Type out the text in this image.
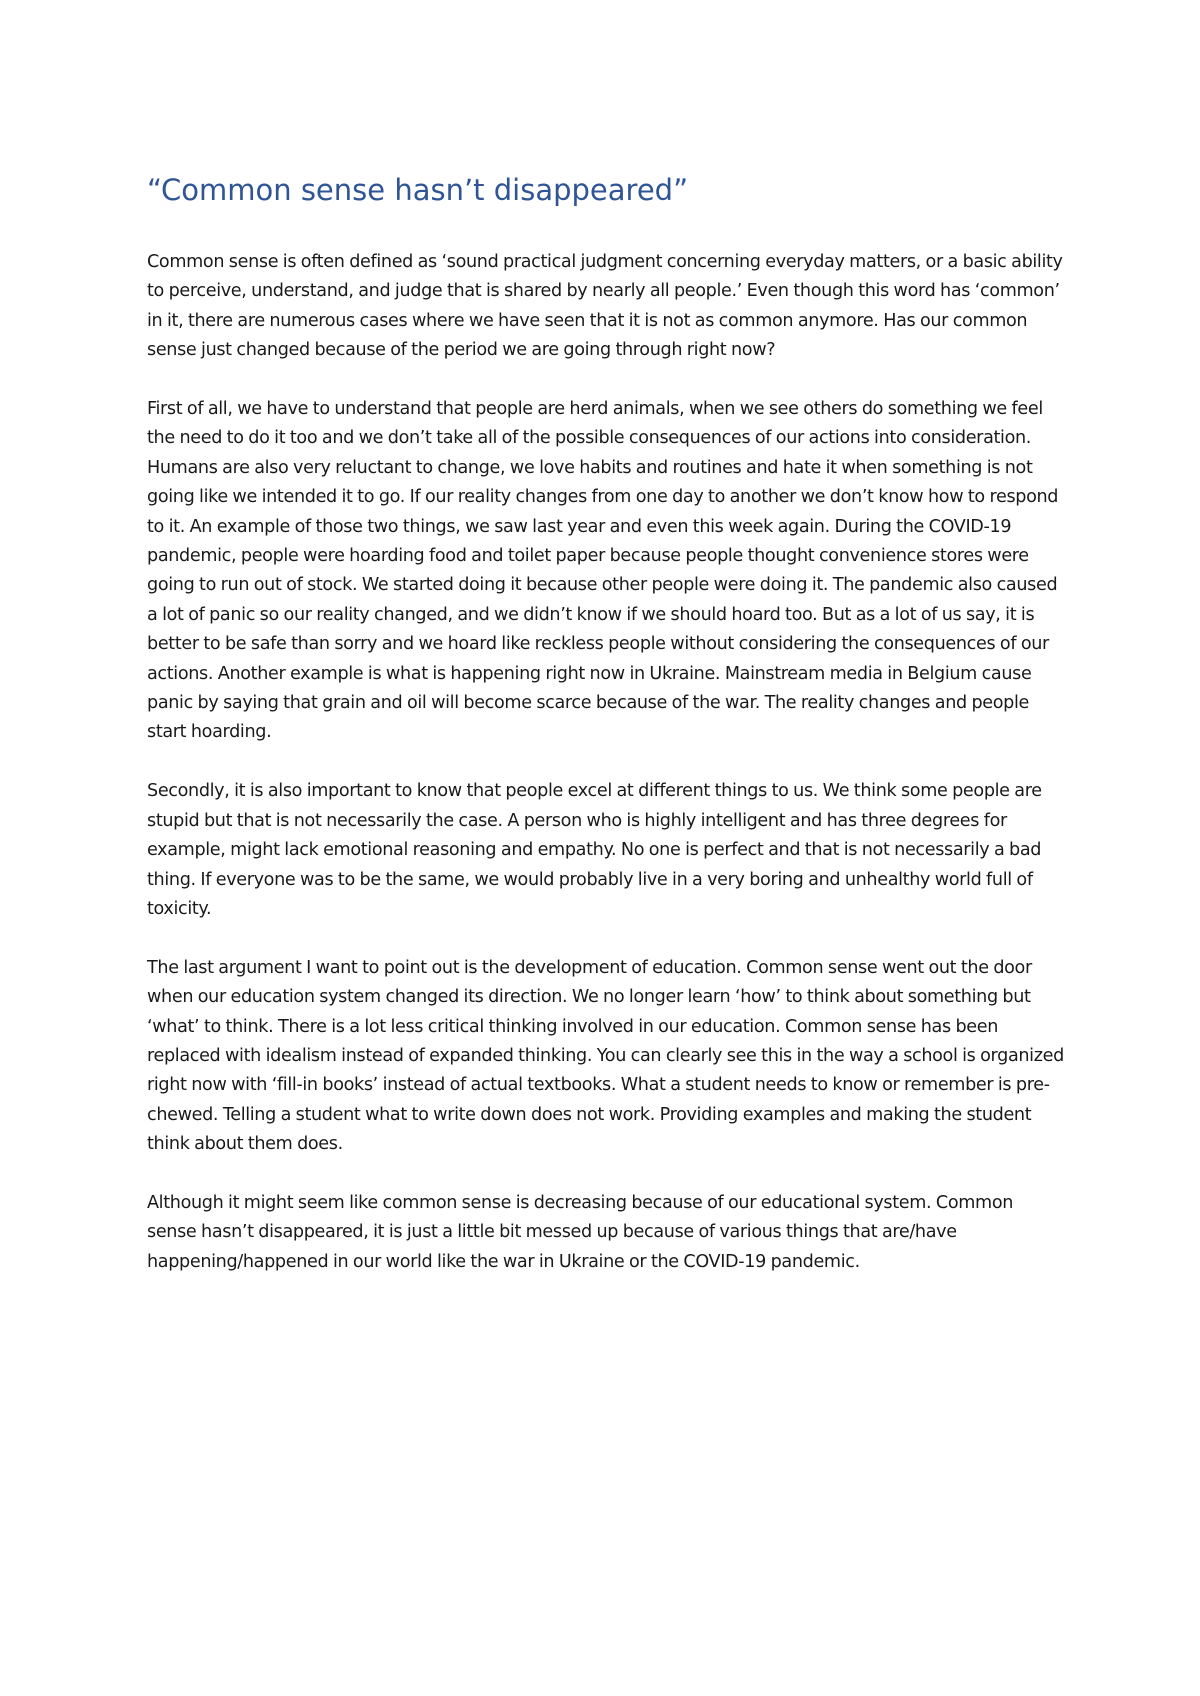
“Common sense hasn’t disappeared”

Common sense is often defined as ‘sound practical judgment concerning everyday matters, or a basic ability to perceive, understand, and judge that is shared by nearly all people.’ Even though this word has ‘common’ in it, there are numerous cases where we have seen that it is not as common anymore. Has our common sense just changed because of the period we are going through right now?

First of all, we have to understand that people are herd animals, when we see others do something we feel the need to do it too and we don’t take all of the possible consequences of our actions into consideration. Humans are also very reluctant to change, we love habits and routines and hate it when something is not going like we intended it to go. If our reality changes from one day to another we don’t know how to respond to it. An example of those two things, we saw last year and even this week again. During the COVID-19 pandemic, people were hoarding food and toilet paper because people thought convenience stores were going to run out of stock. We started doing it because other people were doing it. The pandemic also caused a lot of panic so our reality changed, and we didn’t know if we should hoard too. But as a lot of us say, it is better to be safe than sorry and we hoard like reckless people without considering the consequences of our actions. Another example is what is happening right now in Ukraine. Mainstream media in Belgium cause panic by saying that grain and oil will become scarce because of the war. The reality changes and people start hoarding.

Secondly, it is also important to know that people excel at different things to us. We think some people are stupid but that is not necessarily the case. A person who is highly intelligent and has three degrees for example, might lack emotional reasoning and empathy. No one is perfect and that is not necessarily a bad thing. If everyone was to be the same, we would probably live in a very boring and unhealthy world full of toxicity.

The last argument I want to point out is the development of education. Common sense went out the door when our education system changed its direction. We no longer learn ‘how’ to think about something but ‘what’ to think. There is a lot less critical thinking involved in our education. Common sense has been replaced with idealism instead of expanded thinking. You can clearly see this in the way a school is organized right now with ‘fill-in books’ instead of actual textbooks. What a student needs to know or remember is pre-chewed. Telling a student what to write down does not work. Providing examples and making the student think about them does.

Although it might seem like common sense is decreasing because of our educational system. Common sense hasn’t disappeared, it is just a little bit messed up because of various things that are/have happening/happened in our world like the war in Ukraine or the COVID-19 pandemic.
